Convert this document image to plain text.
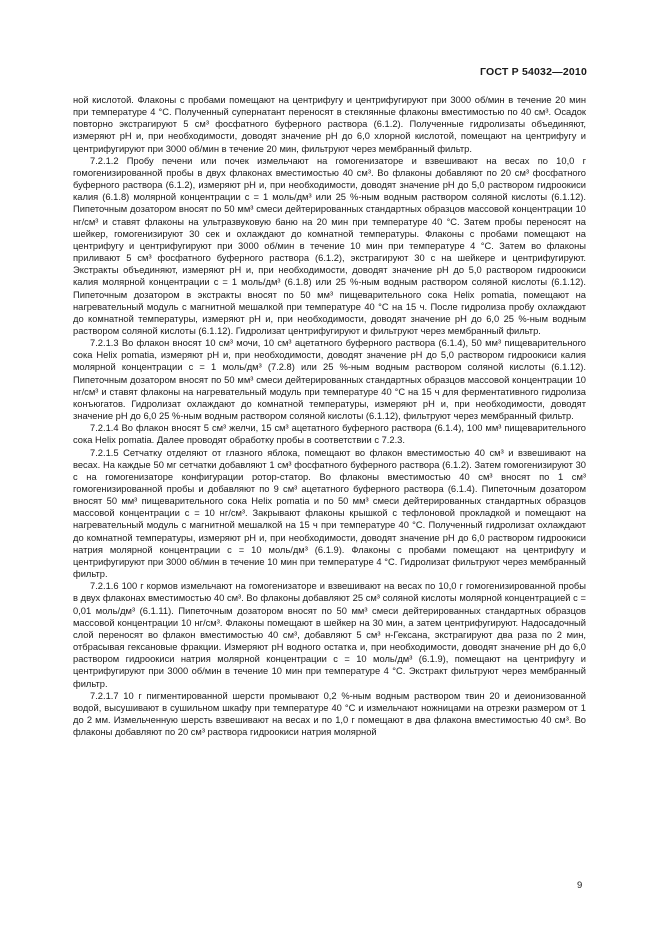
ГОСТ Р 54032—2010

ной кислотой. Флаконы с пробами помещают на центрифугу и центрифугируют при 3000 об/мин в течение 20 мин при температуре 4 °С. Полученный супернатант переносят в стеклянные флаконы вместимостью по 40 см³. Осадок повторно экстрагируют 5 см³ фосфатного буферного раствора (6.1.2). Полученные гидролизаты объединяют, измеряют рН и, при необходимости, доводят значение рН до 6,0 хлорной кислотой, помещают на центрифугу и центрифугируют при 3000 об/мин в течение 20 мин, фильтруют через мембранный фильтр.

7.2.1.2 Пробу печени или почек измельчают на гомогенизаторе и взвешивают на весах по 10,0 г гомогенизированной пробы в двух флаконах вместимостью 40 см³. Во флаконы добавляют по 20 см³ фосфатного буферного раствора (6.1.2), измеряют рН и, при необходимости, доводят значение рН до 5,0 раствором гидроокиси калия (6.1.8) молярной концентрации с = 1 моль/дм³ или 25 %-ным водным раствором соляной кислоты (6.1.12). Пипеточным дозатором вносят по 50 мм³ смеси дейтерированных стандартных образцов массовой концентрации 10 нг/см³ и ставят флаконы на ультразвуковую баню на 20 мин при температуре 40 °С. Затем пробы переносят на шейкер, гомогенизируют 30 сек и охлаждают до комнатной температуры. Флаконы с пробами помещают на центрифугу и центрифугируют при 3000 об/мин в течение 10 мин при температуре 4 °С. Затем во флаконы приливают 5 см³ фосфатного буферного раствора (6.1.2), экстрагируют 30 с на шейкере и центрифугируют. Экстракты объединяют, измеряют рН и, при необходимости, доводят значение рН до 5,0 раствором гидроокиси калия молярной концентрации с = 1 моль/дм³ (6.1.8) или 25 %-ным водным раствором соляной кислоты (6.1.12). Пипеточным дозатором в экстракты вносят по 50 мм³ пищеварительного сока Helix pomatia, помещают на нагревательный модуль с магнитной мешалкой при температуре 40 °С на 15 ч. После гидролиза пробу охлаждают до комнатной температуры, измеряют рН и, при необходимости, доводят значение рН до 6,0 25 %-ным водным раствором соляной кислоты (6.1.12). Гидролизат центрифугируют и фильтруют через мембранный фильтр.

7.2.1.3 Во флакон вносят 10 см³ мочи, 10 см³ ацетатного буферного раствора (6.1.4), 50 мм³ пищеварительного сока Helix pomatia, измеряют рН и, при необходимости, доводят значение рН до 5,0 раствором гидроокиси калия молярной концентрации с = 1 моль/дм³ (7.2.8) или 25 %-ным водным раствором соляной кислоты (6.1.12). Пипеточным дозатором вносят по 50 мм³ смеси дейтерированных стандартных образцов массовой концентрации 10 нг/см³ и ставят флаконы на нагревательный модуль при температуре 40 °С на 15 ч для ферментативного гидролиза конъюгатов. Гидролизат охлаждают до комнатной температуры, измеряют рН и, при необходимости, доводят значение рН до 6,0 25 %-ным водным раствором соляной кислоты (6.1.12), фильтруют через мембранный фильтр.

7.2.1.4 Во флакон вносят 5 см³ желчи, 15 см³ ацетатного буферного раствора (6.1.4), 100 мм³ пищеварительного сока Helix pomatia. Далее проводят обработку пробы в соответствии с 7.2.3.

7.2.1.5 Сетчатку отделяют от глазного яблока, помещают во флакон вместимостью 40 см³ и взвешивают на весах. На каждые 50 мг сетчатки добавляют 1 см³ фосфатного буферного раствора (6.1.2). Затем гомогенизируют 30 с на гомогенизаторе конфигурации ротор-статор. Во флаконы вместимостью 40 см³ вносят по 1 см³ гомогенизированной пробы и добавляют по 9 см³ ацетатного буферного раствора (6.1.4). Пипеточным дозатором вносят 50 мм³ пищеварительного сока Helix pomatia и по 50 мм³ смеси дейтерированных стандартных образцов массовой концентрации с = 10 нг/см³. Закрывают флаконы крышкой с тефлоновой прокладкой и помещают на нагревательный модуль с магнитной мешалкой на 15 ч при температуре 40 °С. Полученный гидролизат охлаждают до комнатной температуры, измеряют рН и, при необходимости, доводят значение рН до 6,0 раствором гидроокиси натрия молярной концентрации с = 10 моль/дм³ (6.1.9). Флаконы с пробами помещают на центрифугу и центрифугируют при 3000 об/мин в течение 10 мин при температуре 4 °С. Гидролизат фильтруют через мембранный фильтр.

7.2.1.6 100 г кормов измельчают на гомогенизаторе и взвешивают на весах по 10,0 г гомогенизированной пробы в двух флаконах вместимостью 40 см³. Во флаконы добавляют 25 см³ соляной кислоты молярной концентрацией с = 0,01 моль/дм³ (6.1.11). Пипеточным дозатором вносят по 50 мм³ смеси дейтерированных стандартных образцов массовой концентрации 10 нг/см³. Флаконы помещают в шейкер на 30 мин, а затем центрифугируют. Надосадочный слой переносят во флакон вместимостью 40 см³, добавляют 5 см³ н-Гексана, экстрагируют два раза по 2 мин, отбрасывая гексановые фракции. Измеряют рН водного остатка и, при необходимости, доводят значение рН до 6,0 раствором гидроокиси натрия молярной концентрации с = 10 моль/дм³ (6.1.9), помещают на центрифугу и центрифугируют при 3000 об/мин в течение 10 мин при температуре 4 °С. Экстракт фильтруют через мембранный фильтр.

7.2.1.7 10 г пигментированной шерсти промывают 0,2 %-ным водным раствором твин 20 и деионизованной водой, высушивают в сушильном шкафу при температуре 40 °С и измельчают ножницами на отрезки размером от 1 до 2 мм. Измельченную шерсть взвешивают на весах и по 1,0 г помещают в два флакона вместимостью 40 см³. Во флаконы добавляют по 20 см³ раствора гидроокиси натрия молярной

9
